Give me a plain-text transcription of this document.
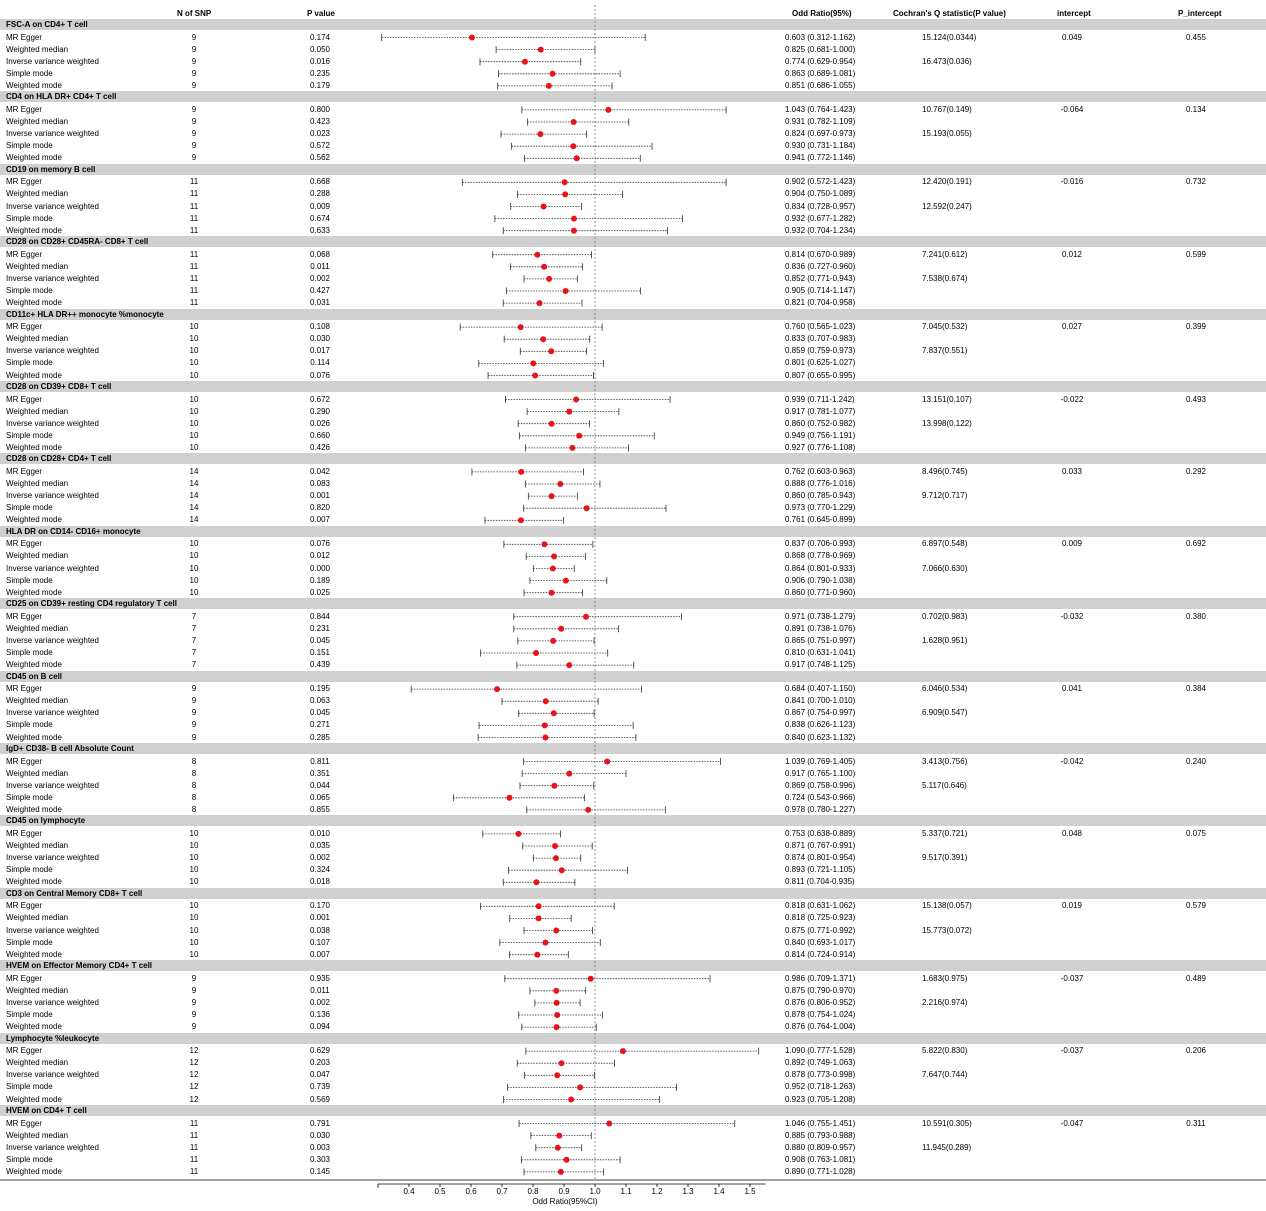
N of SNP	P value	Odd Ratio(95%)	Cochran's Q statistic(P value)	intercept	P_intercept
FSC-A on CD4+ T cell
MR Egger	9	0.174	0.603 (0.312-1.162)	15.124(0.0344)	0.049	0.455
Weighted median	9	0.050	0.825 (0.681-1.000)
Inverse variance weighted	9	0.016	0.774 (0.629-0.954)	16.473(0.036)
Simple mode	9	0.235	0.863 (0.689-1.081)
Weighted mode	9	0.179	0.851 (0.686-1.055)
CD4 on HLA DR+ CD4+ T cell
MR Egger	9	0.800	1.043 (0.764-1.423)	10.767(0.149)	-0.064	0.134
Weighted median	9	0.423	0.931 (0.782-1.109)
Inverse variance weighted	9	0.023	0.824 (0.697-0.973)	15.193(0.055)
Simple mode	9	0.572	0.930 (0.731-1.184)
Weighted mode	9	0.562	0.941 (0.772-1.146)
CD19 on memory B cell
MR Egger	11	0.668	0.902 (0.572-1.423)	12.420(0.191)	-0.016	0.732
Weighted median	11	0.288	0.904 (0.750-1.089)
Inverse variance weighted	11	0.009	0.834 (0.728-0.957)	12.592(0.247)
Simple mode	11	0.674	0.932 (0.677-1.282)
Weighted mode	11	0.633	0.932 (0.704-1.234)
CD28 on CD28+ CD45RA- CD8+ T cell
MR Egger	11	0.068	0.814 (0.670-0.989)	7.241(0.612)	0.012	0.599
Weighted median	11	0.011	0.836 (0.727-0.960)
Inverse variance weighted	11	0.002	0.852 (0.771-0.943)	7.538(0.674)
Simple mode	11	0.427	0.905 (0.714-1.147)
Weighted mode	11	0.031	0.821 (0.704-0.958)
CD11c+ HLA DR++ monocyte %monocyte
MR Egger	10	0.108	0.760 (0.565-1.023)	7.045(0.532)	0.027	0.399
Weighted median	10	0.030	0.833 (0.707-0.983)
Inverse variance weighted	10	0.017	0.859 (0.759-0.973)	7.837(0.551)
Simple mode	10	0.114	0.801 (0.625-1.027)
Weighted mode	10	0.076	0.807 (0.655-0.995)
CD28 on CD39+ CD8+ T cell
MR Egger	10	0.672	0.939 (0.711-1.242)	13.151(0.107)	-0.022	0.493
Weighted median	10	0.290	0.917 (0.781-1.077)
Inverse variance weighted	10	0.026	0.860 (0.752-0.982)	13.998(0.122)
Simple mode	10	0.660	0.949 (0.756-1.191)
Weighted mode	10	0.426	0.927 (0.776-1.108)
CD28 on CD28+ CD4+ T cell
MR Egger	14	0.042	0.762 (0.603-0.963)	8.496(0.745)	0.033	0.292
Weighted median	14	0.083	0.888 (0.776-1.016)
Inverse variance weighted	14	0.001	0.860 (0.785-0.943)	9.712(0.717)
Simple mode	14	0.820	0.973 (0.770-1.229)
Weighted mode	14	0.007	0.761 (0.645-0.899)
HLA DR on CD14- CD16+ monocyte
MR Egger	10	0.076	0.837 (0.706-0.993)	6.897(0.548)	0.009	0.692
Weighted median	10	0.012	0.868 (0.778-0.969)
Inverse variance weighted	10	0.000	0.864 (0.801-0.933)	7.066(0.630)
Simple mode	10	0.189	0.906 (0.790-1.038)
Weighted mode	10	0.025	0.860 (0.771-0.960)
CD25 on CD39+ resting CD4 regulatory T cell
MR Egger	7	0.844	0.971 (0.738-1.279)	0.702(0.983)	-0.032	0.380
Weighted median	7	0.231	0.891 (0.738-1.076)
Inverse variance weighted	7	0.045	0.865 (0.751-0.997)	1.628(0.951)
Simple mode	7	0.151	0.810 (0.631-1.041)
Weighted mode	7	0.439	0.917 (0.748-1.125)
CD45 on B cell
MR Egger	9	0.195	0.684 (0.407-1.150)	6.046(0.534)	0.041	0.384
Weighted median	9	0.063	0.841 (0.700-1.010)
Inverse variance weighted	9	0.045	0.867 (0.754-0.997)	6.909(0.547)
Simple mode	9	0.271	0.838 (0.626-1.123)
Weighted mode	9	0.285	0.840 (0.623-1.132)
IgD+ CD38- B cell Absolute Count
MR Egger	8	0.811	1.039 (0.769-1.405)	3.413(0.756)	-0.042	0.240
Weighted median	8	0.351	0.917 (0.765-1.100)
Inverse variance weighted	8	0.044	0.869 (0.758-0.996)	5.117(0.646)
Simple mode	8	0.065	0.724 (0.543-0.966)
Weighted mode	8	0.855	0.978 (0.780-1.227)
CD45 on lymphocyte
MR Egger	10	0.010	0.753 (0.638-0.889)	5.337(0.721)	0.048	0.075
Weighted median	10	0.035	0.871 (0.767-0.991)
Inverse variance weighted	10	0.002	0.874 (0.801-0.954)	9.517(0.391)
Simple mode	10	0.324	0.893 (0.721-1.105)
Weighted mode	10	0.018	0.811 (0.704-0.935)
CD3 on Central Memory CD8+ T cell
MR Egger	10	0.170	0.818 (0.631-1.062)	15.138(0.057)	0.019	0.579
Weighted median	10	0.001	0.818 (0.725-0.923)
Inverse variance weighted	10	0.038	0.875 (0.771-0.992)	15.773(0.072)
Simple mode	10	0.107	0.840 (0.693-1.017)
Weighted mode	10	0.007	0.814 (0.724-0.914)
HVEM on Effector Memory CD4+ T cell
MR Egger	9	0.935	0.986 (0.709-1.371)	1.683(0.975)	-0.037	0.489
Weighted median	9	0.011	0.875 (0.790-0.970)
Inverse variance weighted	9	0.002	0.876 (0.806-0.952)	2.216(0.974)
Simple mode	9	0.136	0.878 (0.754-1.024)
Weighted mode	9	0.094	0.876 (0.764-1.004)
Lymphocyte %leukocyte
MR Egger	12	0.629	1.090 (0.777-1.528)	5.822(0.830)	-0.037	0.206
Weighted median	12	0.203	0.892 (0.749-1.063)
Inverse variance weighted	12	0.047	0.878 (0.773-0.998)	7.647(0.744)
Simple mode	12	0.739	0.952 (0.718-1.263)
Weighted mode	12	0.569	0.923 (0.705-1.208)
HVEM on CD4+ T cell
MR Egger	11	0.791	1.046 (0.755-1.451)	10.591(0.305)	-0.047	0.311
Weighted median	11	0.030	0.885 (0.793-0.988)
Inverse variance weighted	11	0.003	0.880 (0.809-0.957)	11.945(0.289)
Simple mode	11	0.303	0.908 (0.763-1.081)
Weighted mode	11	0.145	0.890 (0.771-1.028)
0.4 0.5 0.6 0.7 0.8 0.9 1.0 1.1 1.2 1.3 1.4 1.5
Odd Ratio(95%CI)
